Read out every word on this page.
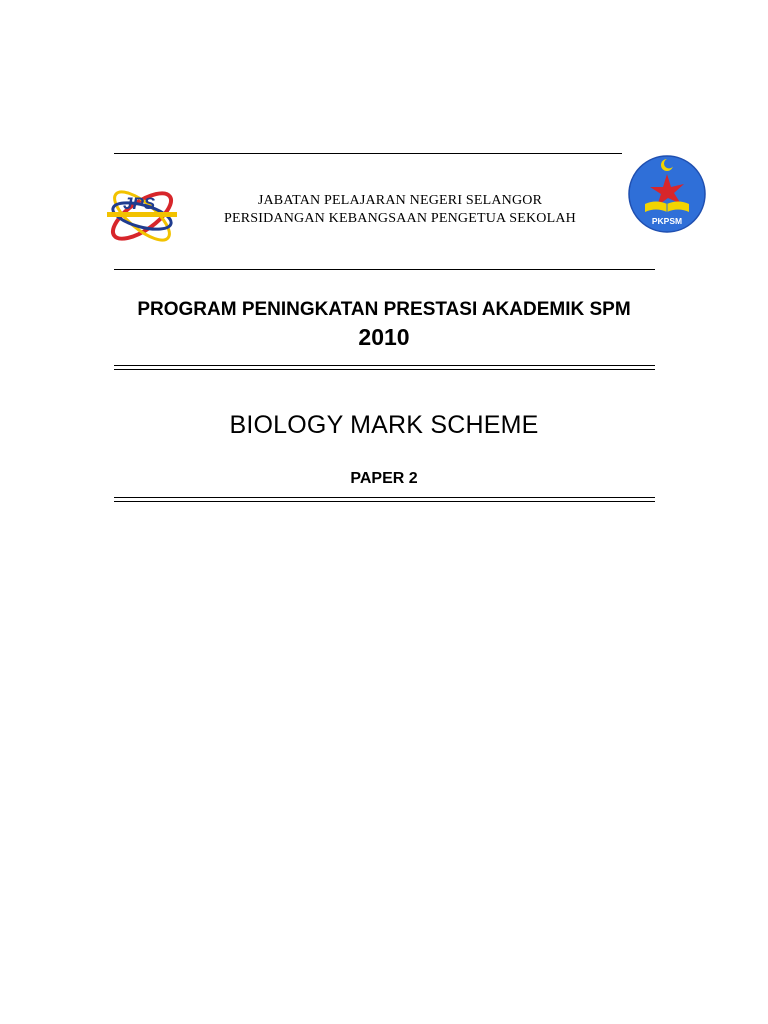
JPS	JABATAN PELAJARAN NEGERI SELANGOR
PERSIDANGAN KEBANGSAAN PENGETUA SEKOLAH	PKPSM
PROGRAM PENINGKATAN PRESTASI AKADEMIK SPM
2010
BIOLOGY MARK SCHEME
PAPER 2
